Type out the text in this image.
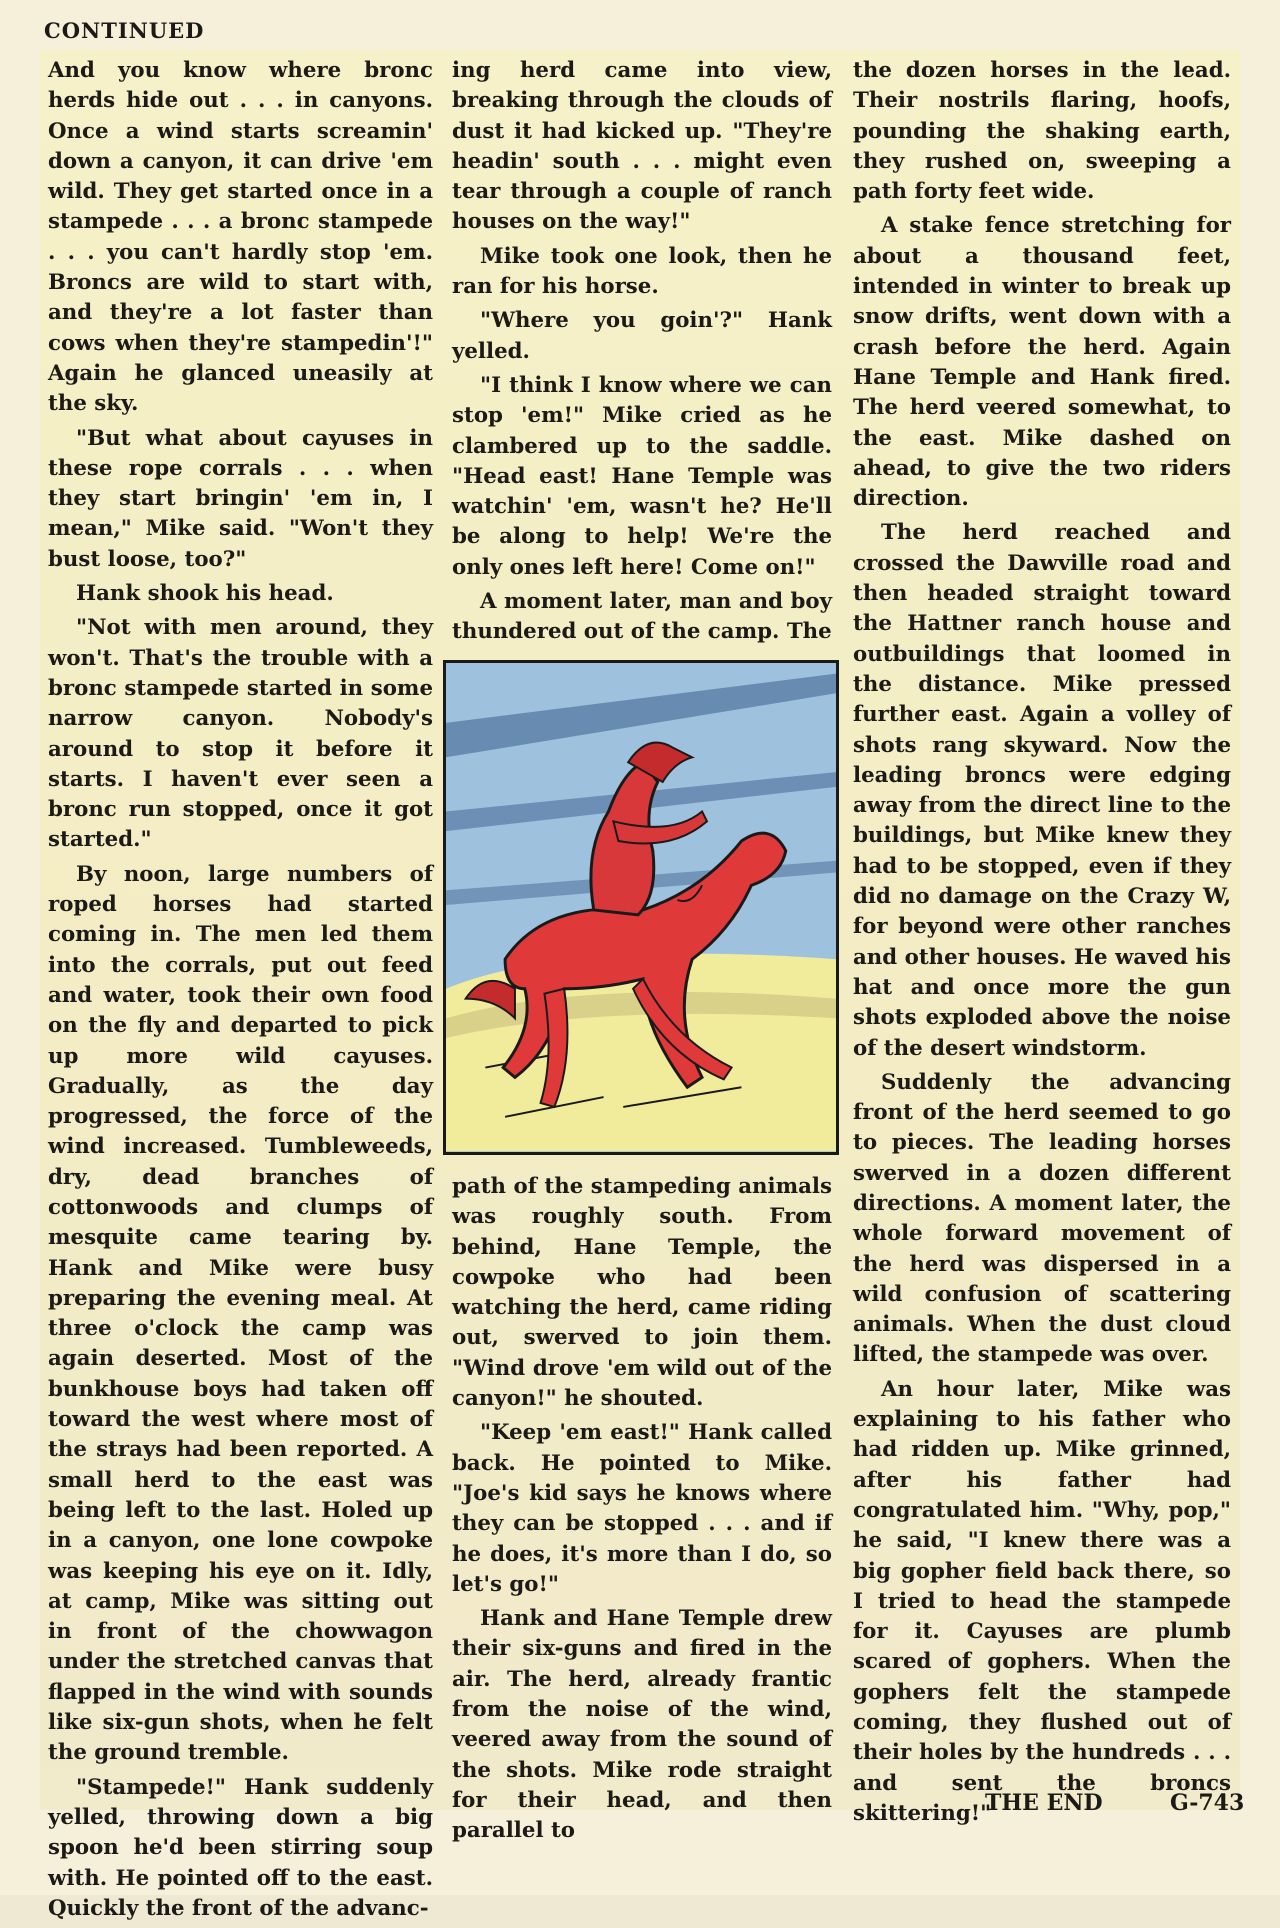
CONTINUED

And you know where bronc herds hide out . . . in canyons. Once a wind starts screamin' down a canyon, it can drive 'em wild. They get started once in a stampede . . . a bronc stampede . . . you can't hardly stop 'em. Broncs are wild to start with, and they're a lot faster than cows when they're stampedin'!" Again he glanced uneasily at the sky.

"But what about cayuses in these rope corrals . . . when they start bringin' 'em in, I mean," Mike said. "Won't they bust loose, too?"

Hank shook his head.

"Not with men around, they won't. That's the trouble with a bronc stampede started in some narrow canyon. Nobody's around to stop it before it starts. I haven't ever seen a bronc run stopped, once it got started."

By noon, large numbers of roped horses had started coming in. The men led them into the corrals, put out feed and water, took their own food on the fly and departed to pick up more wild cayuses. Gradually, as the day progressed, the force of the wind increased. Tumbleweeds, dry, dead branches of cottonwoods and clumps of mesquite came tearing by. Hank and Mike were busy preparing the evening meal. At three o'clock the camp was again deserted. Most of the bunkhouse boys had taken off toward the west where most of the strays had been reported. A small herd to the east was being left to the last. Holed up in a canyon, one lone cowpoke was keeping his eye on it. Idly, at camp, Mike was sitting out in front of the chowwagon under the stretched canvas that flapped in the wind with sounds like six-gun shots, when he felt the ground tremble.

"Stampede!" Hank suddenly yelled, throwing down a big spoon he'd been stirring soup with. He pointed off to the east. Quickly the front of the advanc-

ing herd came into view, breaking through the clouds of dust it had kicked up. "They're headin' south . . . might even tear through a couple of ranch houses on the way!"

Mike took one look, then he ran for his horse.

"Where you goin'?" Hank yelled.

"I think I know where we can stop 'em!" Mike cried as he clambered up to the saddle. "Head east! Hane Temple was watchin' 'em, wasn't he? He'll be along to help! We're the only ones left here! Come on!"

A moment later, man and boy thundered out of the camp. The

path of the stampeding animals was roughly south. From behind, Hane Temple, the cowpoke who had been watching the herd, came riding out, swerved to join them. "Wind drove 'em wild out of the canyon!" he shouted.

"Keep 'em east!" Hank called back. He pointed to Mike. "Joe's kid says he knows where they can be stopped . . . and if he does, it's more than I do, so let's go!"

Hank and Hane Temple drew their six-guns and fired in the air. The herd, already frantic from the noise of the wind, veered away from the sound of the shots. Mike rode straight for their head, and then parallel to

the dozen horses in the lead. Their nostrils flaring, hoofs, pounding the shaking earth, they rushed on, sweeping a path forty feet wide.

A stake fence stretching for about a thousand feet, intended in winter to break up snow drifts, went down with a crash before the herd. Again Hane Temple and Hank fired. The herd veered somewhat, to the east. Mike dashed on ahead, to give the two riders direction.

The herd reached and crossed the Dawville road and then headed straight toward the Hattner ranch house and outbuildings that loomed in the distance. Mike pressed further east. Again a volley of shots rang skyward. Now the leading broncs were edging away from the direct line to the buildings, but Mike knew they had to be stopped, even if they did no damage on the Crazy W, for beyond were other ranches and other houses. He waved his hat and once more the gun shots exploded above the noise of the desert windstorm.

Suddenly the advancing front of the herd seemed to go to pieces. The leading horses swerved in a dozen different directions. A moment later, the whole forward movement of the herd was dispersed in a wild confusion of scattering animals. When the dust cloud lifted, the stampede was over.

An hour later, Mike was explaining to his father who had ridden up. Mike grinned, after his father had congratulated him. "Why, pop," he said, "I knew there was a big gopher field back there, so I tried to head the stampede for it. Cayuses are plumb scared of gophers. When the gophers felt the stampede coming, they flushed out of their holes by the hundreds . . . and sent the broncs skittering!"

THE END	G-743
